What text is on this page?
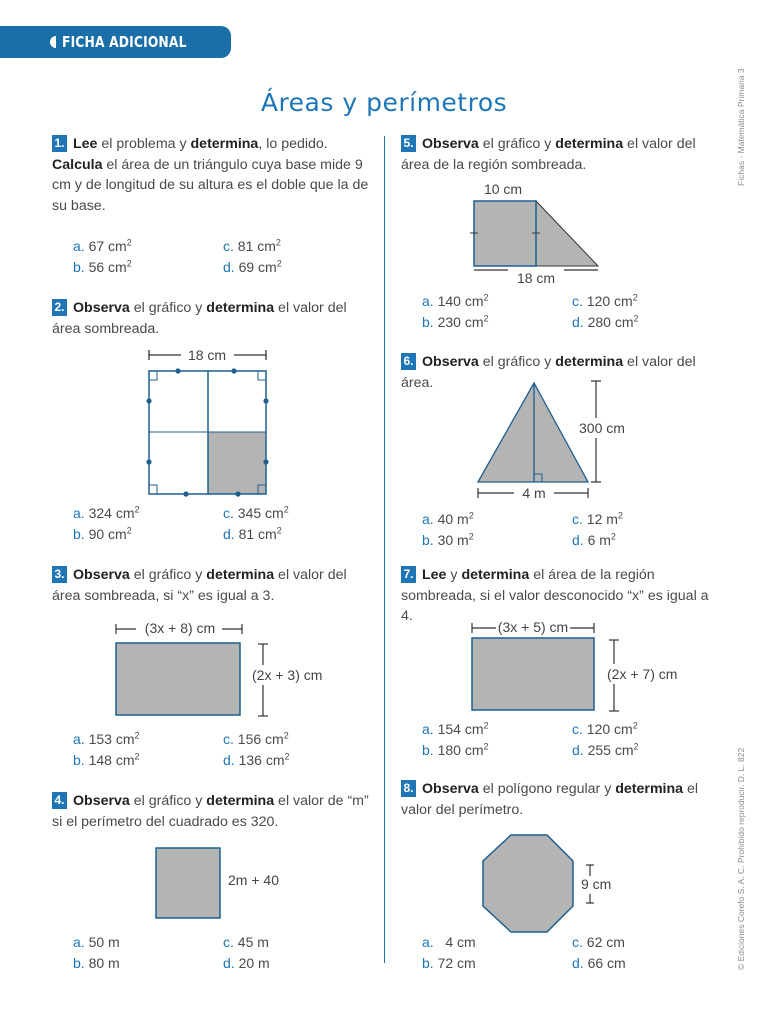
FICHA ADICIONAL
Fichas - Matemática Primaria 3
© Ediciones Corefo S. A. C. Prohibido reproducir. D. L. 822
Áreas y perímetros
1. Lee el problema y determina, lo pedido. Calcula el área de un triángulo cuya base mide 9 cm y de longitud de su altura es el doble que la de su base.
a. 67 $cm^2$
b. 56 $cm^2$
c. 81 $cm^2$
d. 69 $cm^2$
2. Observa el gráfico y determina el valor del área sombreada.
18 cm
a. 324 $cm^2$
b. 90 $cm^2$
c. 345 $cm^2$
d. 81 $cm^2$
3. Observa el gráfico y determina el valor del área sombreada, si “x” es igual a 3.
(3x + 8) cm
(2x + 3) cm
a. 153 $cm^2$
b. 148 $cm^2$
c. 156 $cm^2$
d. 136 $cm^2$
4. Observa el gráfico y determina el valor de “m” si el perímetro del cuadrado es 320.
2m + 40
a. 50 m
b. 80 m
c. 45 m
d. 20 m
5. Observa el gráfico y determina el valor del área de la región sombreada.
10 cm
18 cm
a. 140 $cm^2$
b. 230 $cm^2$
c. 120 $cm^2$
d. 280 $cm^2$
6. Observa el gráfico y determina el valor del área.
300 cm
4 m
a. 40 $m^2$
b. 30 $m^2$
c. 12 $m^2$
d. 6 $m^2$
7. Lee y determina el área de la región sombreada, si el valor desconocido “x” es igual a 4.
(3x + 5) cm
(2x + 7) cm
a. 154 $cm^2$
b. 180 $cm^2$
c. 120 $cm^2$
d. 255 $cm^2$
8. Observa el polígono regular y determina el valor del perímetro.
9 cm
a. 4 cm
b. 72 cm
c. 62 cm
d. 66 cm
